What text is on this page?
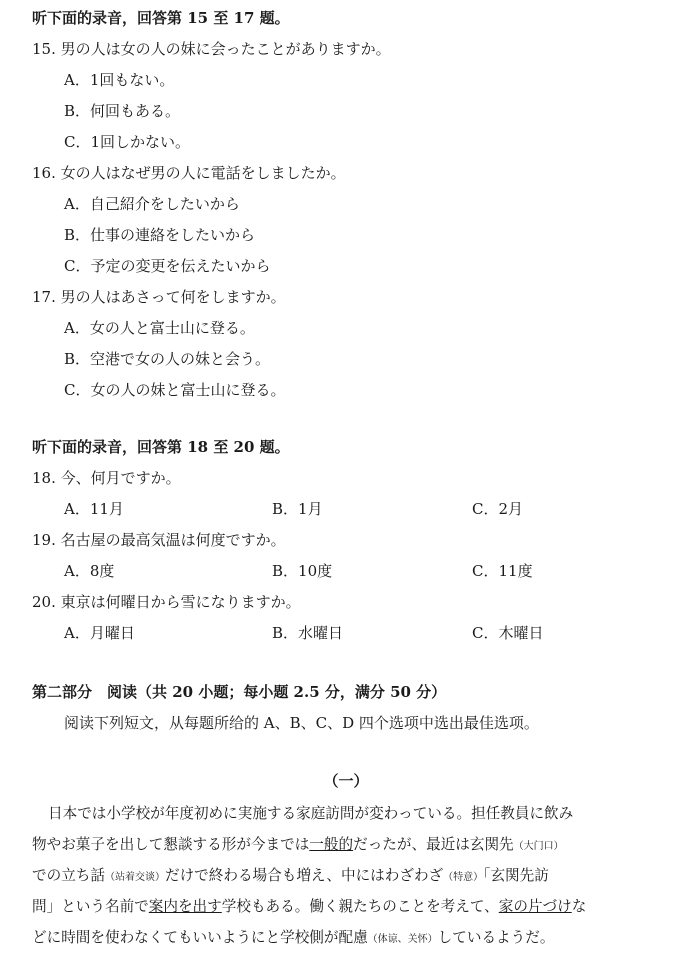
听下面的录音，回答第 15 至 17 题。
15. 男の人は女の人の妹に会ったことがありますか。
A．1回もない。
B．何回もある。
C．1回しかない。
16. 女の人はなぜ男の人に電話をしましたか。
A．自己紹介をしたいから
B．仕事の連絡をしたいから
C．予定の変更を伝えたいから
17. 男の人はあさって何をしますか。
A．女の人と富士山に登る。
B．空港で女の人の妹と会う。
C．女の人の妹と富士山に登る。
听下面的录音，回答第 18 至 20 题。
18. 今、何月ですか。
A．11月	B．1月	C．2月
19. 名古屋の最高気温は何度ですか。
A．8度	B．10度	C．11度
20. 東京は何曜日から雪になりますか。
A．月曜日	B．水曜日	C．木曜日
第二部分　阅读（共 20 小题；每小题 2.5 分，满分 50 分）
阅读下列短文，从每题所给的 A、B、C、D 四个选项中选出最佳选项。
（一）
日本では小学校が年度初めに実施する家庭訪問が変わっている。担任教員に飲み
物やお菓子を出して懇談する形が今までは一般的だったが、最近は玄関先（大门口）
での立ち話（站着交谈）だけで終わる場合も増え、中にはわざわざ（特意）「玄関先訪
問」という名前で案内を出す学校もある。働く親たちのことを考えて、家の片づけな
どに時間を使わなくてもいいようにと学校側が配慮（体谅、关怀）しているようだ。
